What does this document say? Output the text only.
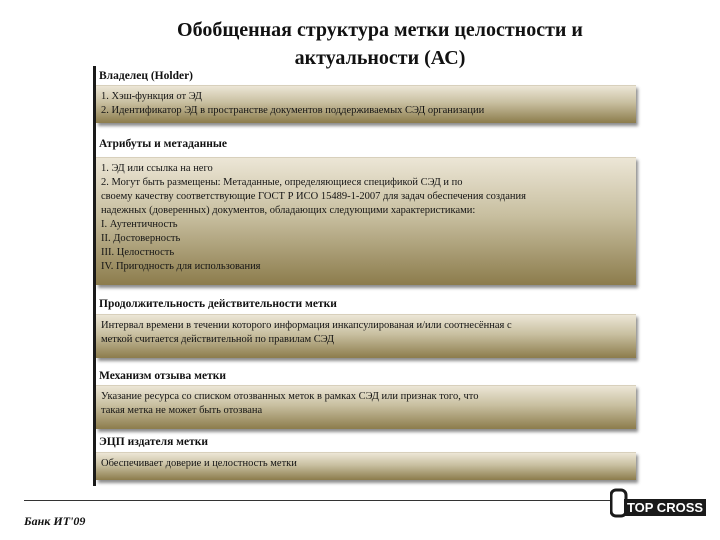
Обобщенная структура метки целостности и
актуальности (АС)
Владелец (Holder)
1. Хэш-функция от ЭД
2. Идентификатор ЭД в пространстве документов поддерживаемых СЭД организации
Атрибуты и метаданные
1. ЭД или ссылка на него
2. Могут быть размещены: Метаданные, определяющиеся спецификой СЭД и по
своему качеству соответствующие ГОСТ Р ИСО 15489-1-2007 для задач обеспечения создания
надежных (доверенных) документов, обладающих следующими характеристиками:
I. Аутентичность
II. Достоверность
III. Целостность
IV. Пригодность для использования
Продолжительность действительности метки
Интервал времени в течении которого информация инкапсулированая и/или соотнесённая с
меткой считается действительной по правилам СЭД
Механизм отзыва метки
Указание ресурса со списком отозванных меток в рамках СЭД или признак того, что
такая метка не может быть отозвана
ЭЦП издателя метки
Обеспечивает доверие и целостность метки
Банк ИТ'09
TOP CROSS
